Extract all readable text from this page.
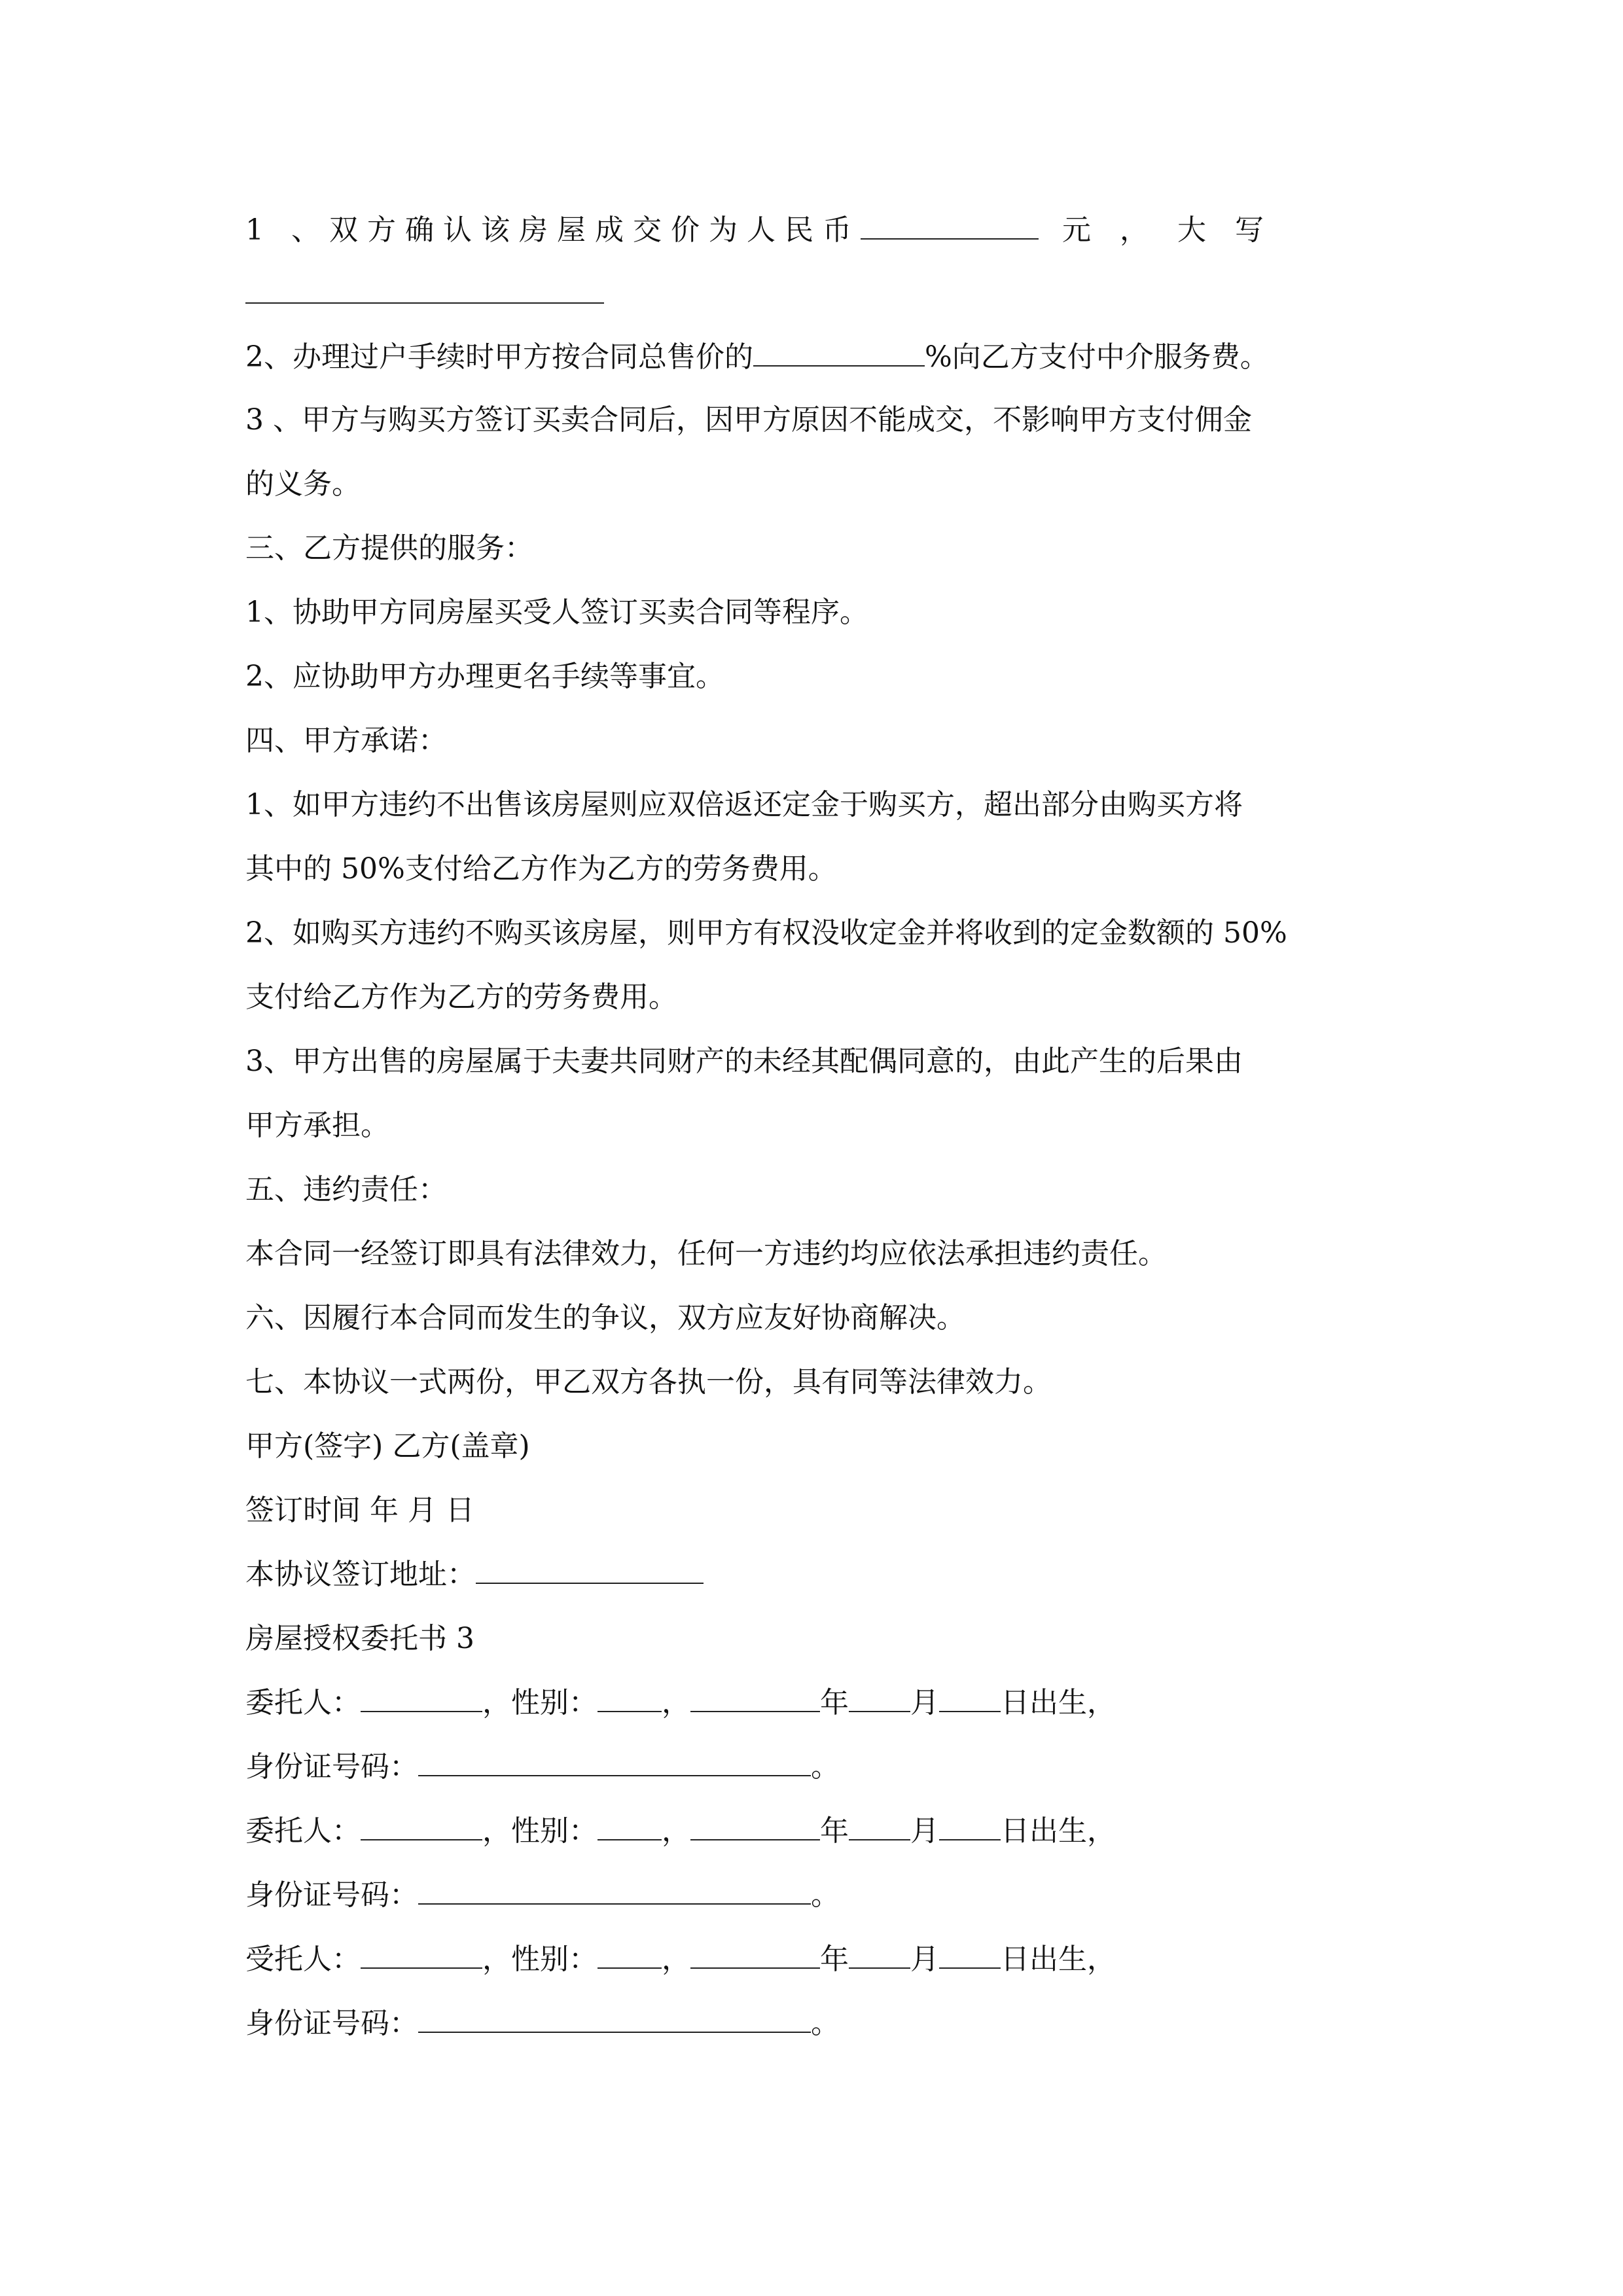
1 、双方确认该房屋成交价为人民币	元，大写
2、办理过户手续时甲方按合同总售价的	%向乙方支付中介服务费。
3 、甲方与购买方签订买卖合同后，因甲方原因不能成交，不影响甲方支付佣金
的义务。
三、乙方提供的服务：
1、协助甲方同房屋买受人签订买卖合同等程序。
2、应协助甲方办理更名手续等事宜。
四、甲方承诺：
1、如甲方违约不出售该房屋则应双倍返还定金于购买方，超出部分由购买方将
其中的 50%支付给乙方作为乙方的劳务费用。
2、如购买方违约不购买该房屋，则甲方有权没收定金并将收到的定金数额的 50%
支付给乙方作为乙方的劳务费用。
3、甲方出售的房屋属于夫妻共同财产的未经其配偶同意的，由此产生的后果由
甲方承担。
五、违约责任：
本合同一经签订即具有法律效力，任何一方违约均应依法承担违约责任。
六、因履行本合同而发生的争议，双方应友好协商解决。
七、本协议一式两份，甲乙双方各执一份，具有同等法律效力。
甲方(签字) 乙方(盖章)
签订时间 年 月 日
本协议签订地址：
房屋授权委托书 3
委托人：	，性别： ，	年 月 日出生，
身份证号码：	。
委托人：	，性别： ，	年 月 日出生，
身份证号码：	。
受托人：	，性别： ，	年 月 日出生，
身份证号码：	。
